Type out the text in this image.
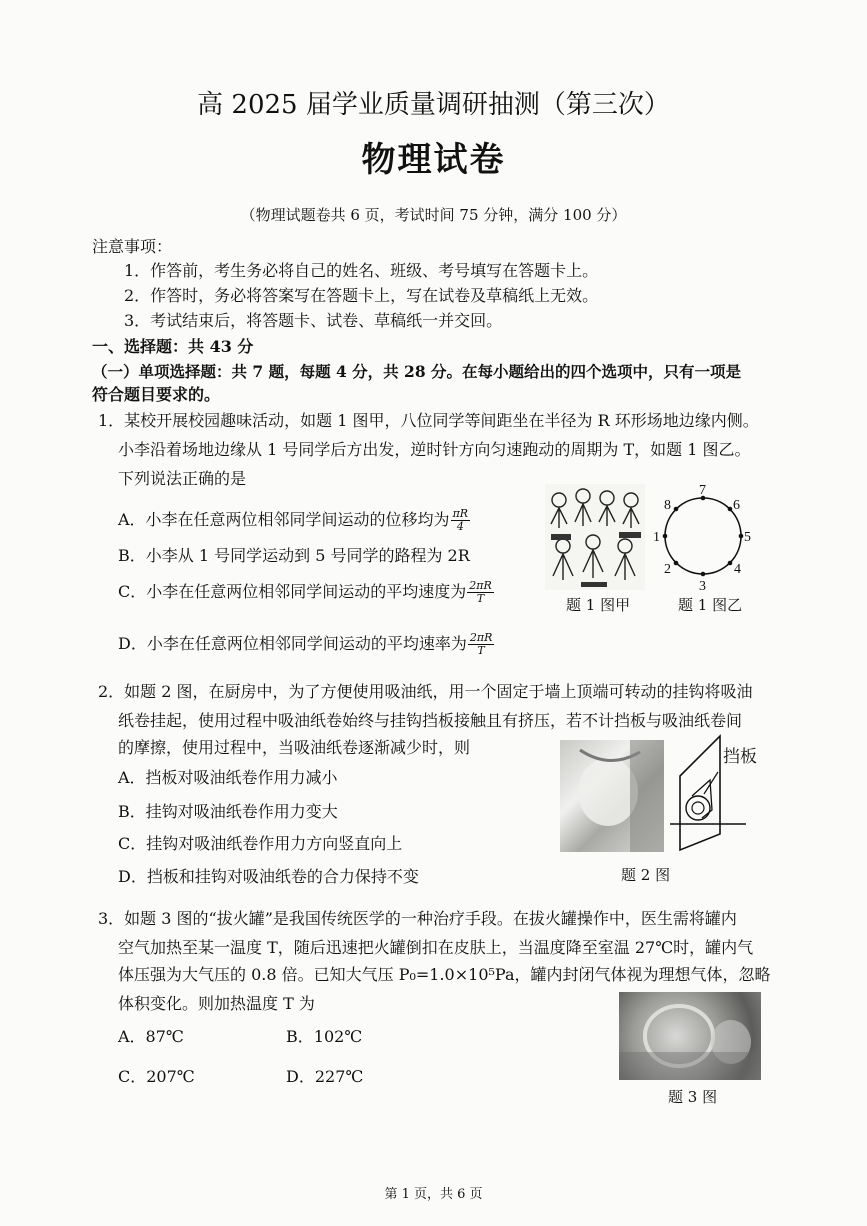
高 2025 届学业质量调研抽测（第三次）
物理试卷
（物理试题卷共 6 页，考试时间 75 分钟，满分 100 分）
注意事项：
1．作答前，考生务必将自己的姓名、班级、考号填写在答题卡上。
2．作答时，务必将答案写在答题卡上，写在试卷及草稿纸上无效。
3．考试结束后，将答题卡、试卷、草稿纸一并交回。
一、选择题：共 43 分
（一）单项选择题：共 7 题，每题 4 分，共 28 分。在每小题给出的四个选项中，只有一项是
符合题目要求的。
1．某校开展校园趣味活动，如题 1 图甲，八位同学等间距坐在半径为 R 环形场地边缘内侧。
小李沿着场地边缘从 1 号同学后方出发，逆时针方向匀速跑动的周期为 T，如题 1 图乙。
下列说法正确的是
A．小李在任意两位相邻同学间运动的位移均为 $\frac{\pi R}{4}$
B．小李从 1 号同学运动到 5 号同学的路程为 2R
C．小李在任意两位相邻同学间运动的平均速度为 $\frac{2\pi R}{T}$
D．小李在任意两位相邻同学间运动的平均速率为 $\frac{2\pi R}{T}$
题 1 图甲
1
2
3
4
5
6
7
8
题 1 图乙
2．如题 2 图，在厨房中，为了方便使用吸油纸，用一个固定于墙上顶端可转动的挂钩将吸油
纸卷挂起，使用过程中吸油纸卷始终与挂钩挡板接触且有挤压，若不计挡板与吸油纸卷间
的摩擦，使用过程中，当吸油纸卷逐渐减少时，则
A．挡板对吸油纸卷作用力减小
B．挂钩对吸油纸卷作用力变大
C．挂钩对吸油纸卷作用力方向竖直向上
D．挡板和挂钩对吸油纸卷的合力保持不变
挡板
题 2 图
3．如题 3 图的“拔火罐”是我国传统医学的一种治疗手段。在拔火罐操作中，医生需将罐内
空气加热至某一温度 T，随后迅速把火罐倒扣在皮肤上，当温度降至室温 27℃时，罐内气
体压强为大气压的 0.8 倍。已知大气压 P₀=1.0×10⁵Pa，罐内封闭气体视为理想气体，忽略
体积变化。则加热温度 T 为
A．87℃	B．102℃
C．207℃	D．227℃
题 3 图
第 1 页，共 6 页
